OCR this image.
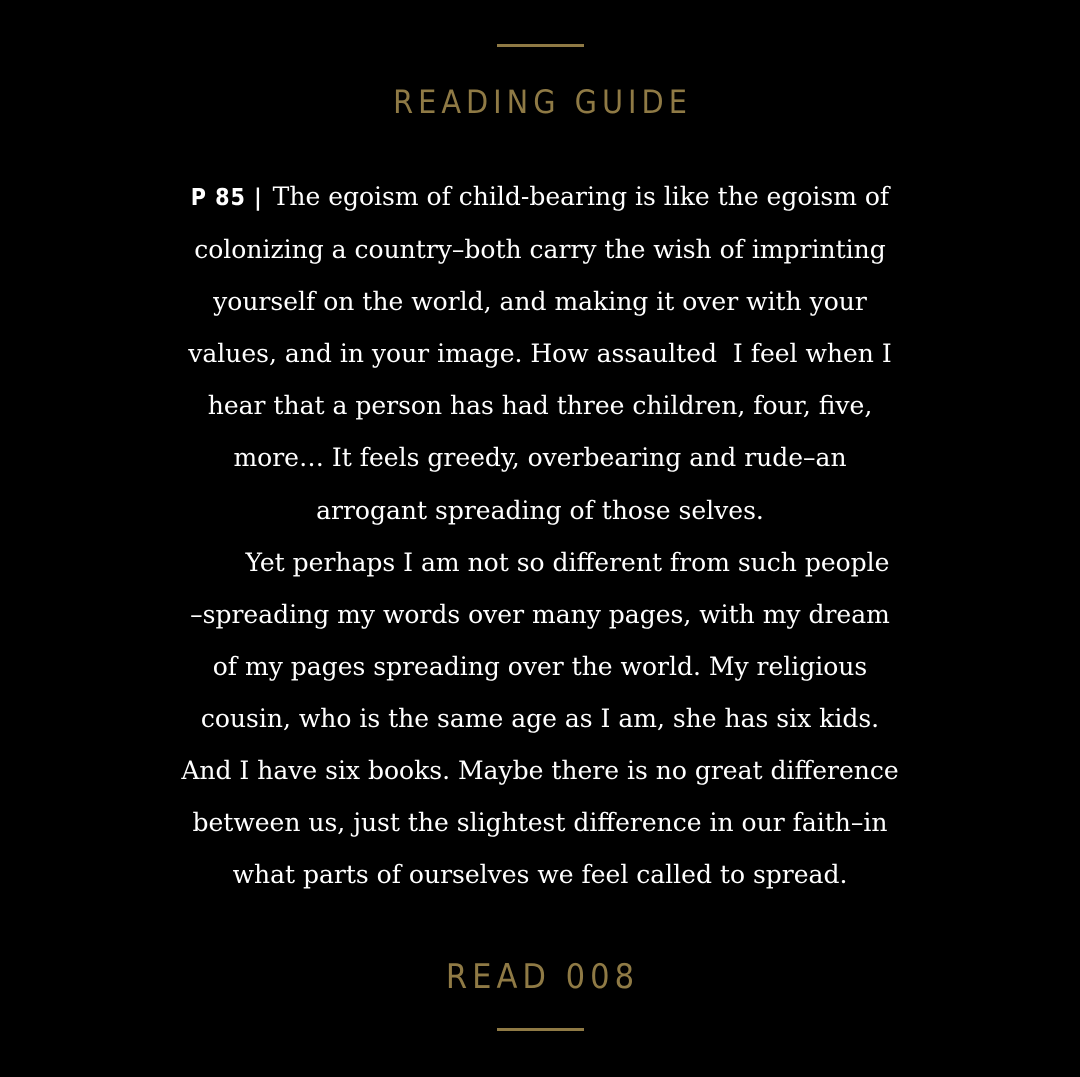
READING GUIDE
P 85 | The egoism of child-bearing is like the egoism of
colonizing a country–both carry the wish of imprinting
yourself on the world, and making it over with your
values, and in your image. How assaulted  I feel when I
hear that a person has had three children, four, five,
more… It feels greedy, overbearing and rude–an
arrogant spreading of those selves.
Yet perhaps I am not so different from such people
–spreading my words over many pages, with my dream
of my pages spreading over the world. My religious
cousin, who is the same age as I am, she has six kids.
And I have six books. Maybe there is no great difference
between us, just the slightest difference in our faith–in
what parts of ourselves we feel called to spread.
READ 008
